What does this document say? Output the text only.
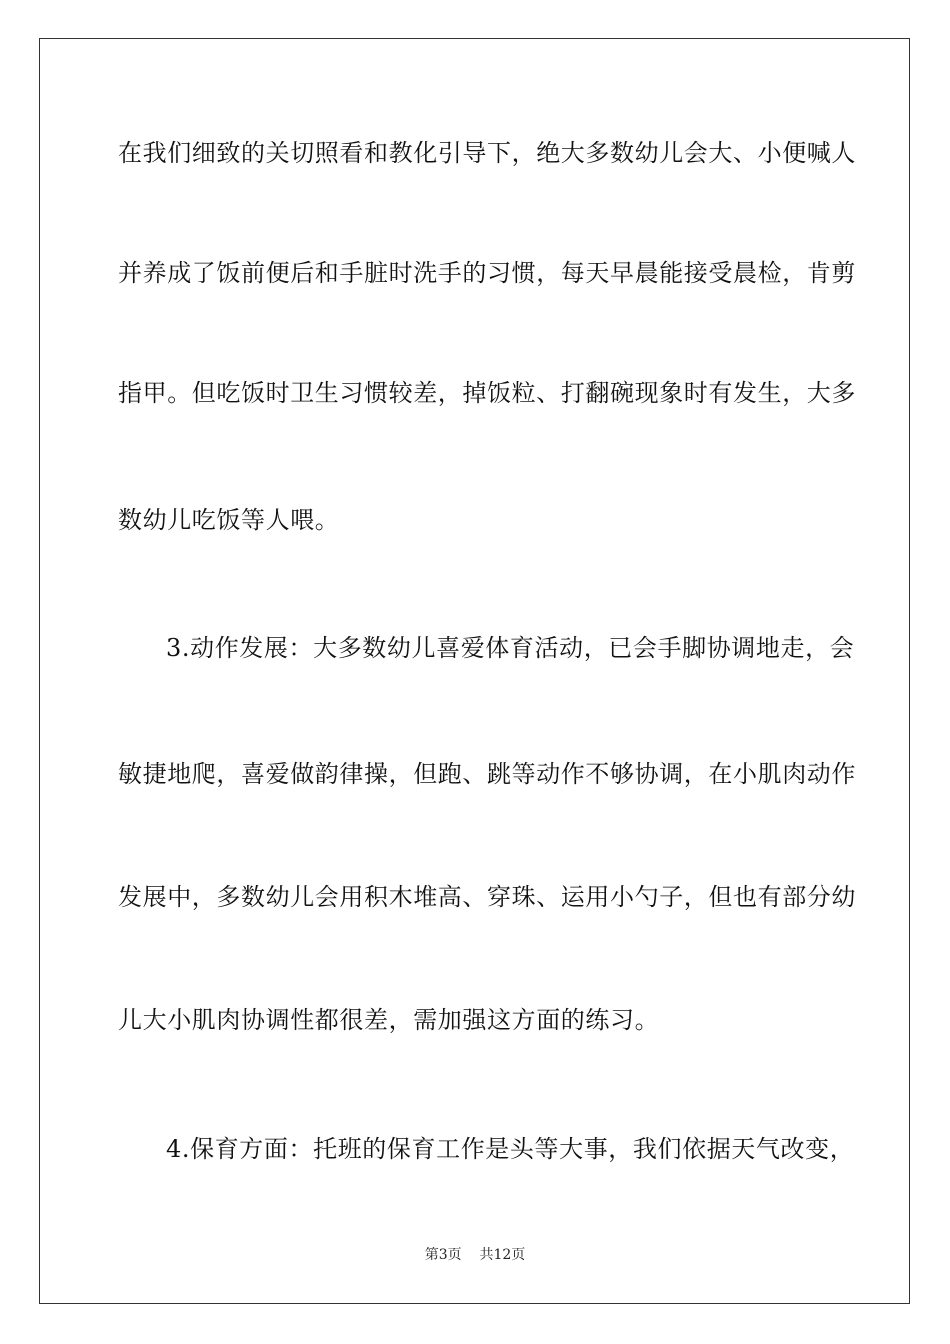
在我们细致的关切照看和教化引导下，绝大多数幼儿会大、小便喊人
并养成了饭前便后和手脏时洗手的习惯，每天早晨能接受晨检，肯剪
指甲。但吃饭时卫生习惯较差，掉饭粒、打翻碗现象时有发生，大多
数幼儿吃饭等人喂。
3.动作发展：大多数幼儿喜爱体育活动，已会手脚协调地走，会
敏捷地爬，喜爱做韵律操，但跑、跳等动作不够协调，在小肌肉动作
发展中，多数幼儿会用积木堆高、穿珠、运用小勺子，但也有部分幼
儿大小肌肉协调性都很差，需加强这方面的练习。
4.保育方面：托班的保育工作是头等大事，我们依据天气改变，
第3页 共12页
